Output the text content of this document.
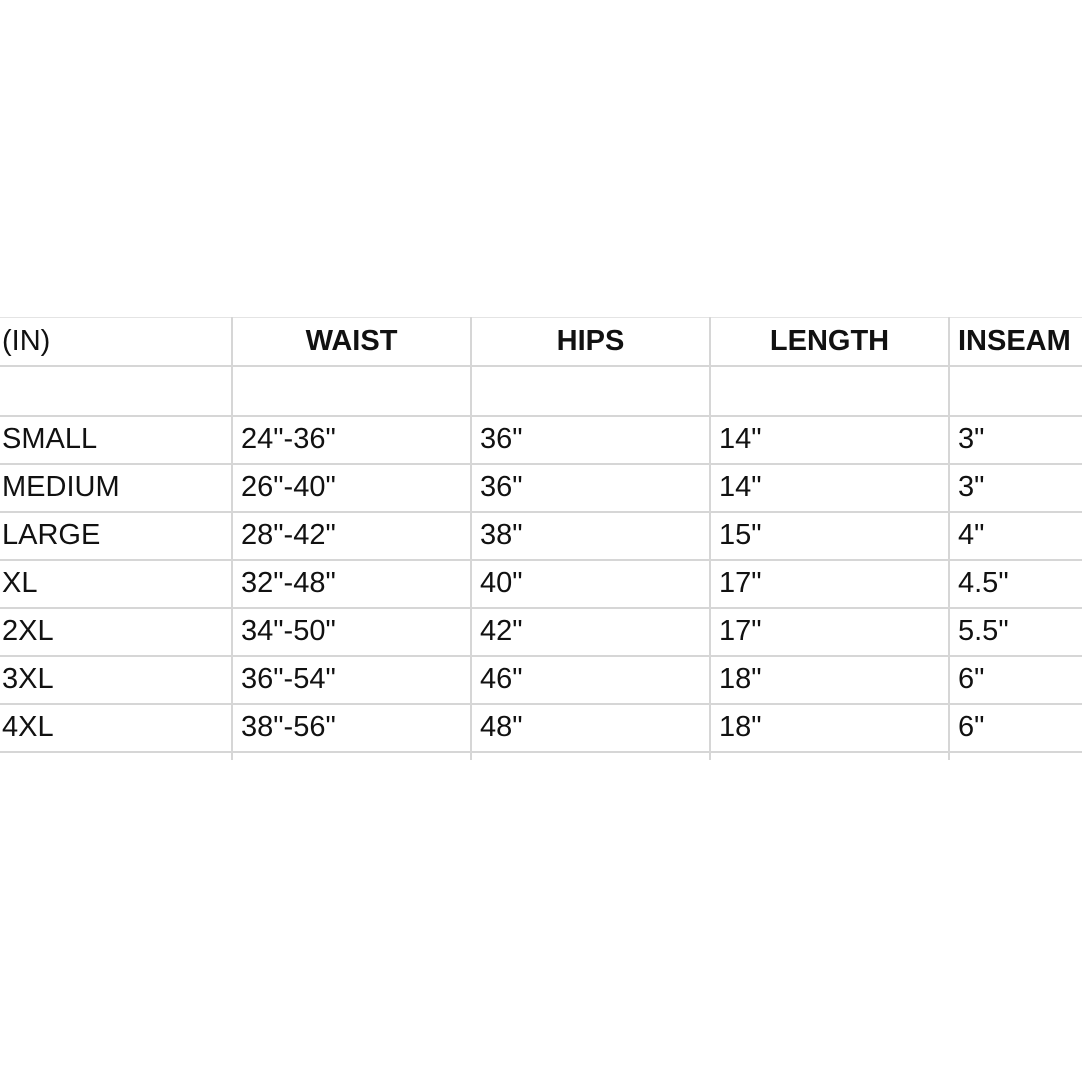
(IN)	WAIST	HIPS	LENGTH	INSEAM

SMALL	24"-36"	36"	14"	3"
MEDIUM	26"-40"	36"	14"	3"
LARGE	28"-42"	38"	15"	4"
XL	32"-48"	40"	17"	4.5"
2XL	34"-50"	42"	17"	5.5"
3XL	36"-54"	46"	18"	6"
4XL	38"-56"	48"	18"	6"
